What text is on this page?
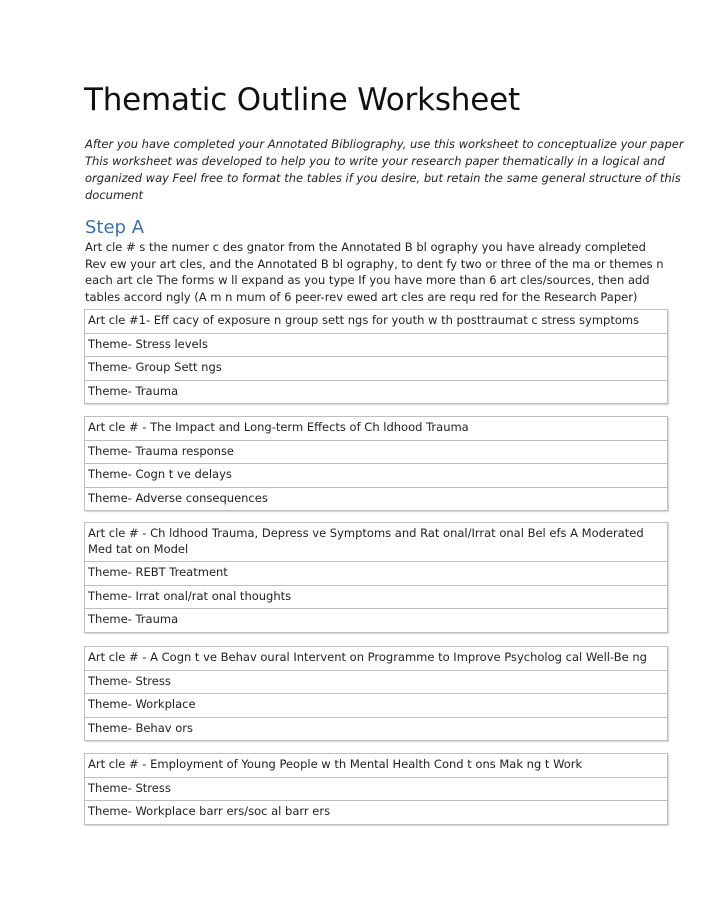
Thematic Outline Worksheet
After you have completed your Annotated Bibliography, use this worksheet to conceptualize your paper
This worksheet was developed to help you to write your research paper thematically in a logical and
organized way Feel free to format the tables if you desire, but retain the same general structure of this
document
Step A
Art cle # s the numer c des gnator from the Annotated B bl ography you have already completed
Rev ew your art cles, and the Annotated B bl ography, to dent fy two or three of the ma or themes n
each art cle The forms w ll expand as you type If you have more than 6 art cles/sources, then add
tables accord ngly (A m n mum of 6 peer-rev ewed art cles are requ red for the Research Paper)
Art cle #1- Eff cacy of exposure n group sett ngs for youth w th posttraumat c stress symptoms
Theme- Stress levels
Theme- Group Sett ngs
Theme- Trauma
Art cle # - The Impact and Long-term Effects of Ch ldhood Trauma
Theme- Trauma response
Theme- Cogn t ve delays
Theme- Adverse consequences
Art cle # - Ch ldhood Trauma, Depress ve Symptoms and Rat onal/Irrat onal Bel efs A Moderated Med tat on Model
Theme- REBT Treatment
Theme- Irrat onal/rat onal thoughts
Theme- Trauma
Art cle # - A Cogn t ve Behav oural Intervent on Programme to Improve Psycholog cal Well-Be ng
Theme- Stress
Theme- Workplace
Theme- Behav ors
Art cle # - Employment of Young People w th Mental Health Cond t ons Mak ng t Work
Theme- Stress
Theme- Workplace barr ers/soc al barr ers
